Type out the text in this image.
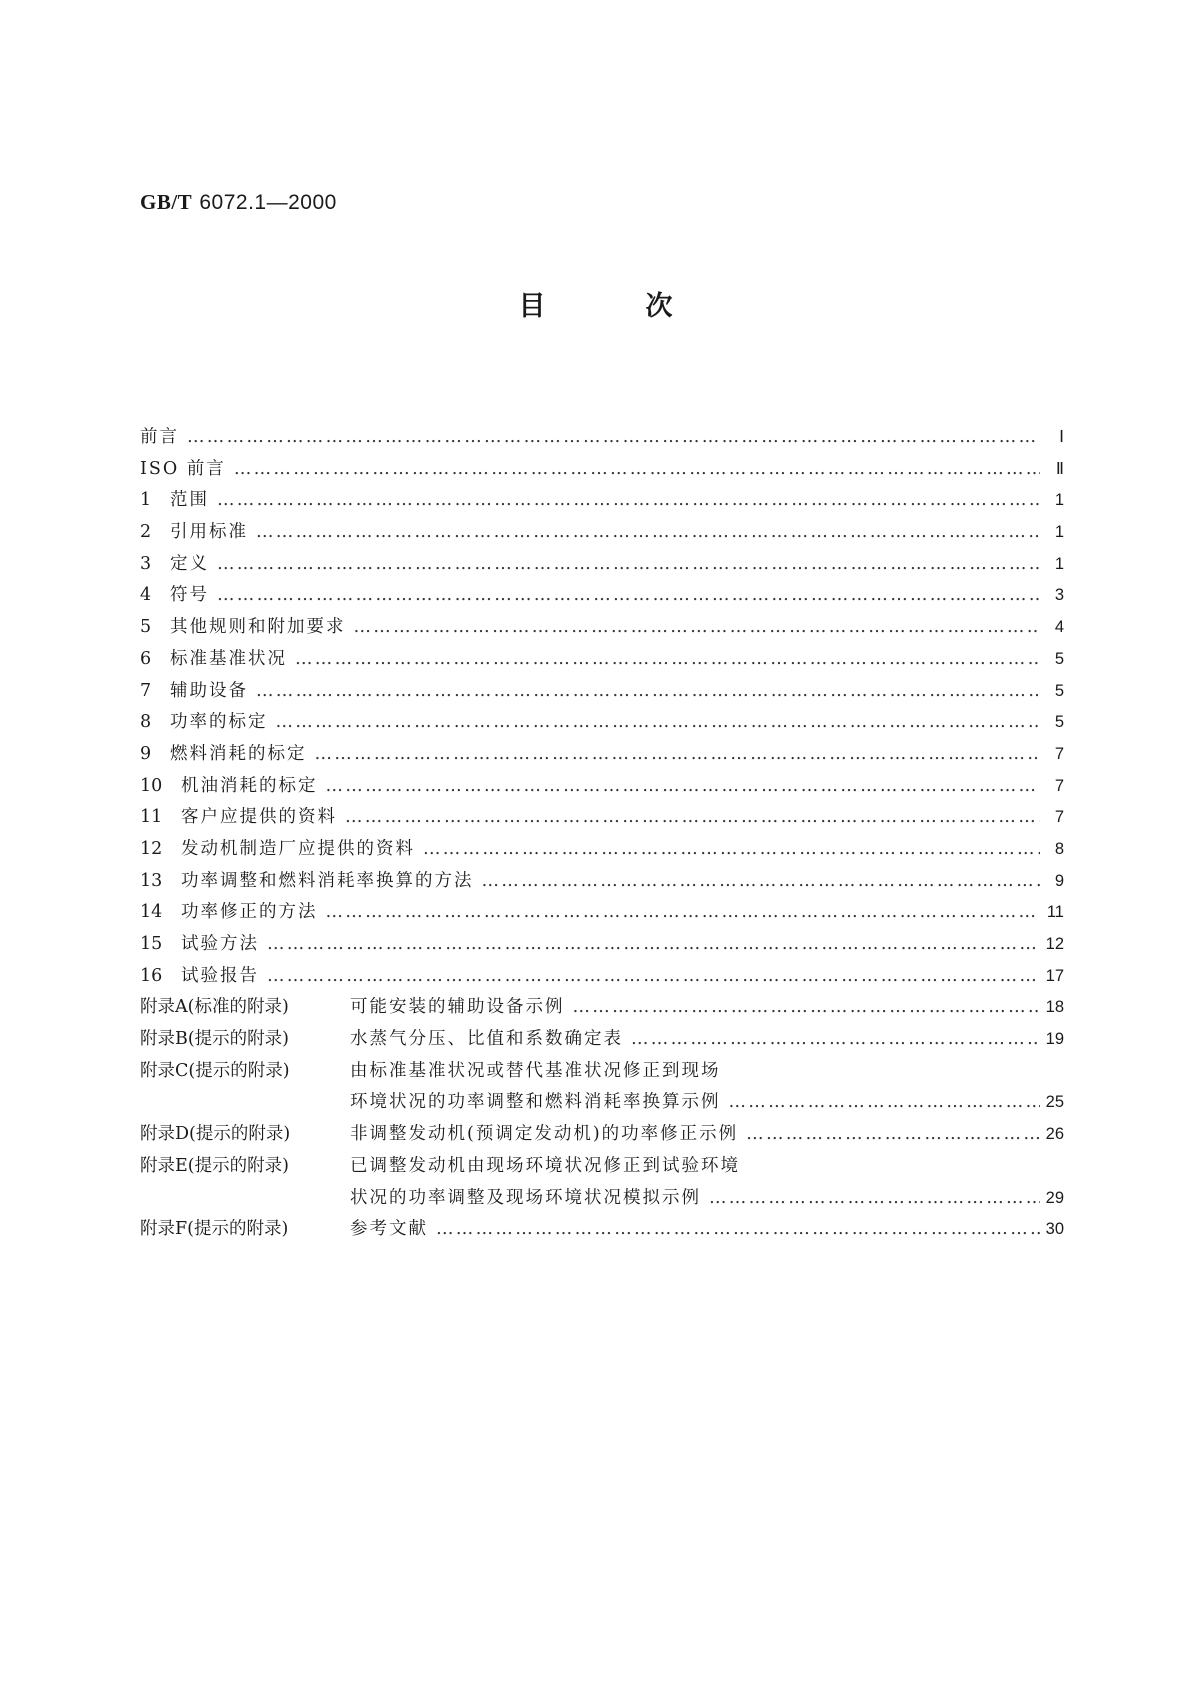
GB/T 6072.1—2000
目次
前言 ……………………………………………………………………………………………………………………………………………………………………………………………………………………………………	Ⅰ
ISO 前言 ……………………………………………………………………………………………………………………………………………………………………………………………………………………………………	Ⅱ
1	范围 ……………………………………………………………………………………………………………………………………………………………………………………………………………………………………	1
2	引用标准 ……………………………………………………………………………………………………………………………………………………………………………………………………………………………………	1
3	定义 ……………………………………………………………………………………………………………………………………………………………………………………………………………………………………	1
4	符号 ……………………………………………………………………………………………………………………………………………………………………………………………………………………………………	3
5	其他规则和附加要求 ……………………………………………………………………………………………………………………………………………………………………………………………………………………………………	4
6	标准基准状况 ……………………………………………………………………………………………………………………………………………………………………………………………………………………………………	5
7	辅助设备 ……………………………………………………………………………………………………………………………………………………………………………………………………………………………………	5
8	功率的标定 ……………………………………………………………………………………………………………………………………………………………………………………………………………………………………	5
9	燃料消耗的标定 ……………………………………………………………………………………………………………………………………………………………………………………………………………………………………	7
10	机油消耗的标定 ……………………………………………………………………………………………………………………………………………………………………………………………………………………………………	7
11	客户应提供的资料 ……………………………………………………………………………………………………………………………………………………………………………………………………………………………………	7
12	发动机制造厂应提供的资料 ……………………………………………………………………………………………………………………………………………………………………………………………………………………………………	8
13	功率调整和燃料消耗率换算的方法 ……………………………………………………………………………………………………………………………………………………………………………………………………………………………………	9
14	功率修正的方法 ……………………………………………………………………………………………………………………………………………………………………………………………………………………………………	11
15	试验方法 ……………………………………………………………………………………………………………………………………………………………………………………………………………………………………	12
16	试验报告 ……………………………………………………………………………………………………………………………………………………………………………………………………………………………………	17
附录A(标准的附录)	可能安装的辅助设备示例 ……………………………………………………………………………………………………………………………………………………………………………………………………………………………………	18
附录B(提示的附录)	水蒸气分压、比值和系数确定表 ……………………………………………………………………………………………………………………………………………………………………………………………………………………………………	19
附录C(提示的附录)	由标准基准状况或替代基准状况修正到现场
环境状况的功率调整和燃料消耗率换算示例 ……………………………………………………………………………………………………………………………………………………………………………………………………………………………………	25
附录D(提示的附录)	非调整发动机(预调定发动机)的功率修正示例 ……………………………………………………………………………………………………………………………………………………………………………………………………………………………………	26
附录E(提示的附录)	已调整发动机由现场环境状况修正到试验环境
状况的功率调整及现场环境状况模拟示例 ……………………………………………………………………………………………………………………………………………………………………………………………………………………………………	29
附录F(提示的附录)	参考文献 ……………………………………………………………………………………………………………………………………………………………………………………………………………………………………	30
